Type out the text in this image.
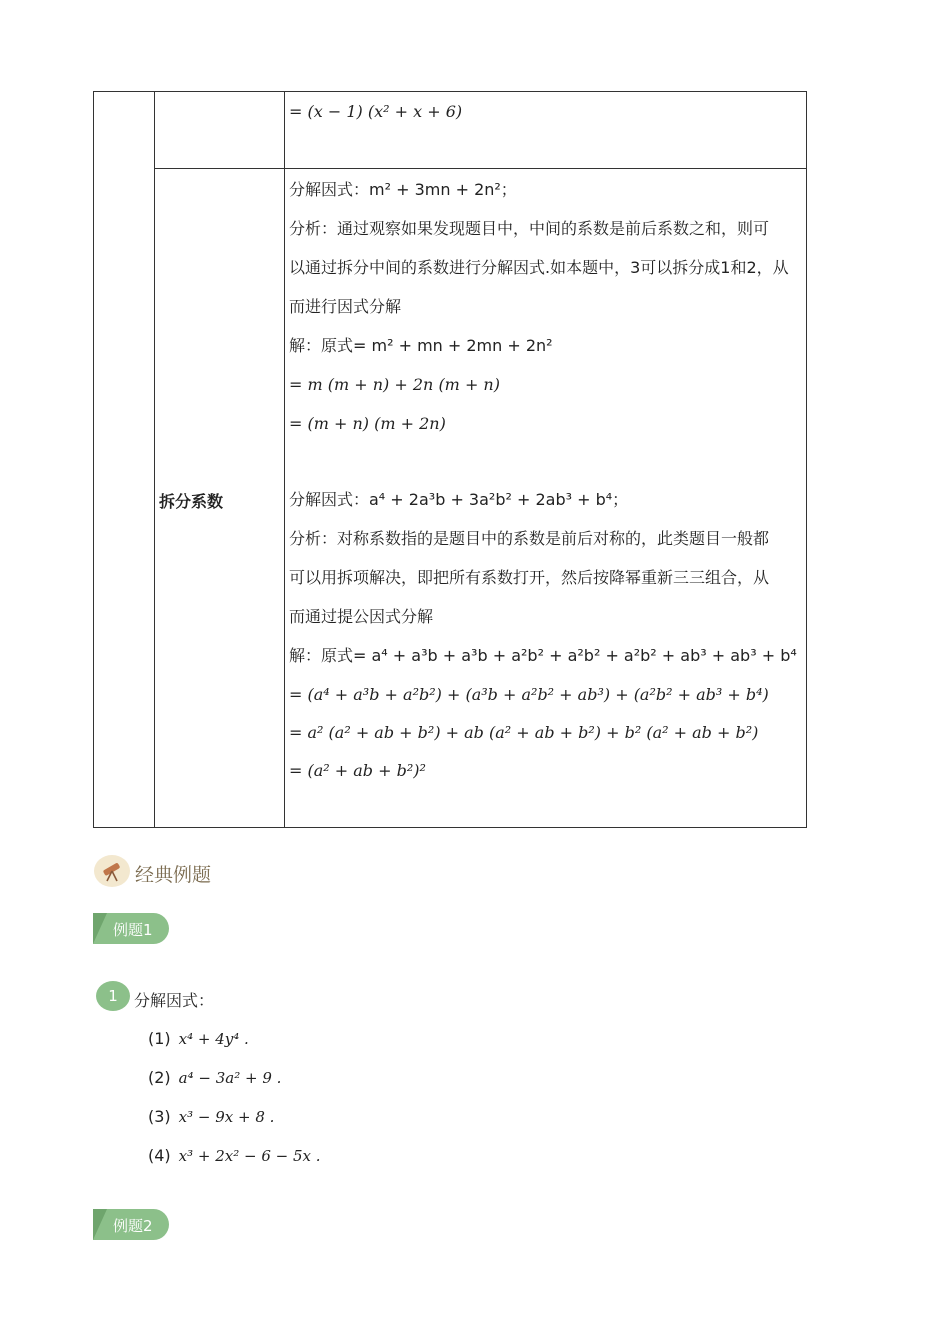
= (x − 1) (x² + x + 6)
拆分系数
分解因式：m² + 3mn + 2n²；
分析：通过观察如果发现题目中，中间的系数是前后系数之和，则可
以通过拆分中间的系数进行分解因式.如本题中，3可以拆分成1和2，从
而进行因式分解
解：原式= m² + mn + 2mn + 2n²
= m (m + n) + 2n (m + n)
= (m + n) (m + 2n)
分解因式：a⁴ + 2a³b + 3a²b² + 2ab³ + b⁴；
分析：对称系数指的是题目中的系数是前后对称的，此类题目一般都
可以用拆项解决，即把所有系数打开，然后按降幂重新三三组合，从
而通过提公因式分解
解：原式= a⁴ + a³b + a³b + a²b² + a²b² + a²b² + ab³ + ab³ + b⁴
= (a⁴ + a³b + a²b²) + (a³b + a²b² + ab³) + (a²b² + ab³ + b⁴)
= a² (a² + ab + b²) + ab (a² + ab + b²) + b² (a² + ab + b²)
= (a² + ab + b²)²
经典例题
例题1
1	分解因式：
(1) x⁴ + 4y⁴ .
(2) a⁴ − 3a² + 9 .
(3) x³ − 9x + 8 .
(4) x³ + 2x² − 6 − 5x .
例题2
